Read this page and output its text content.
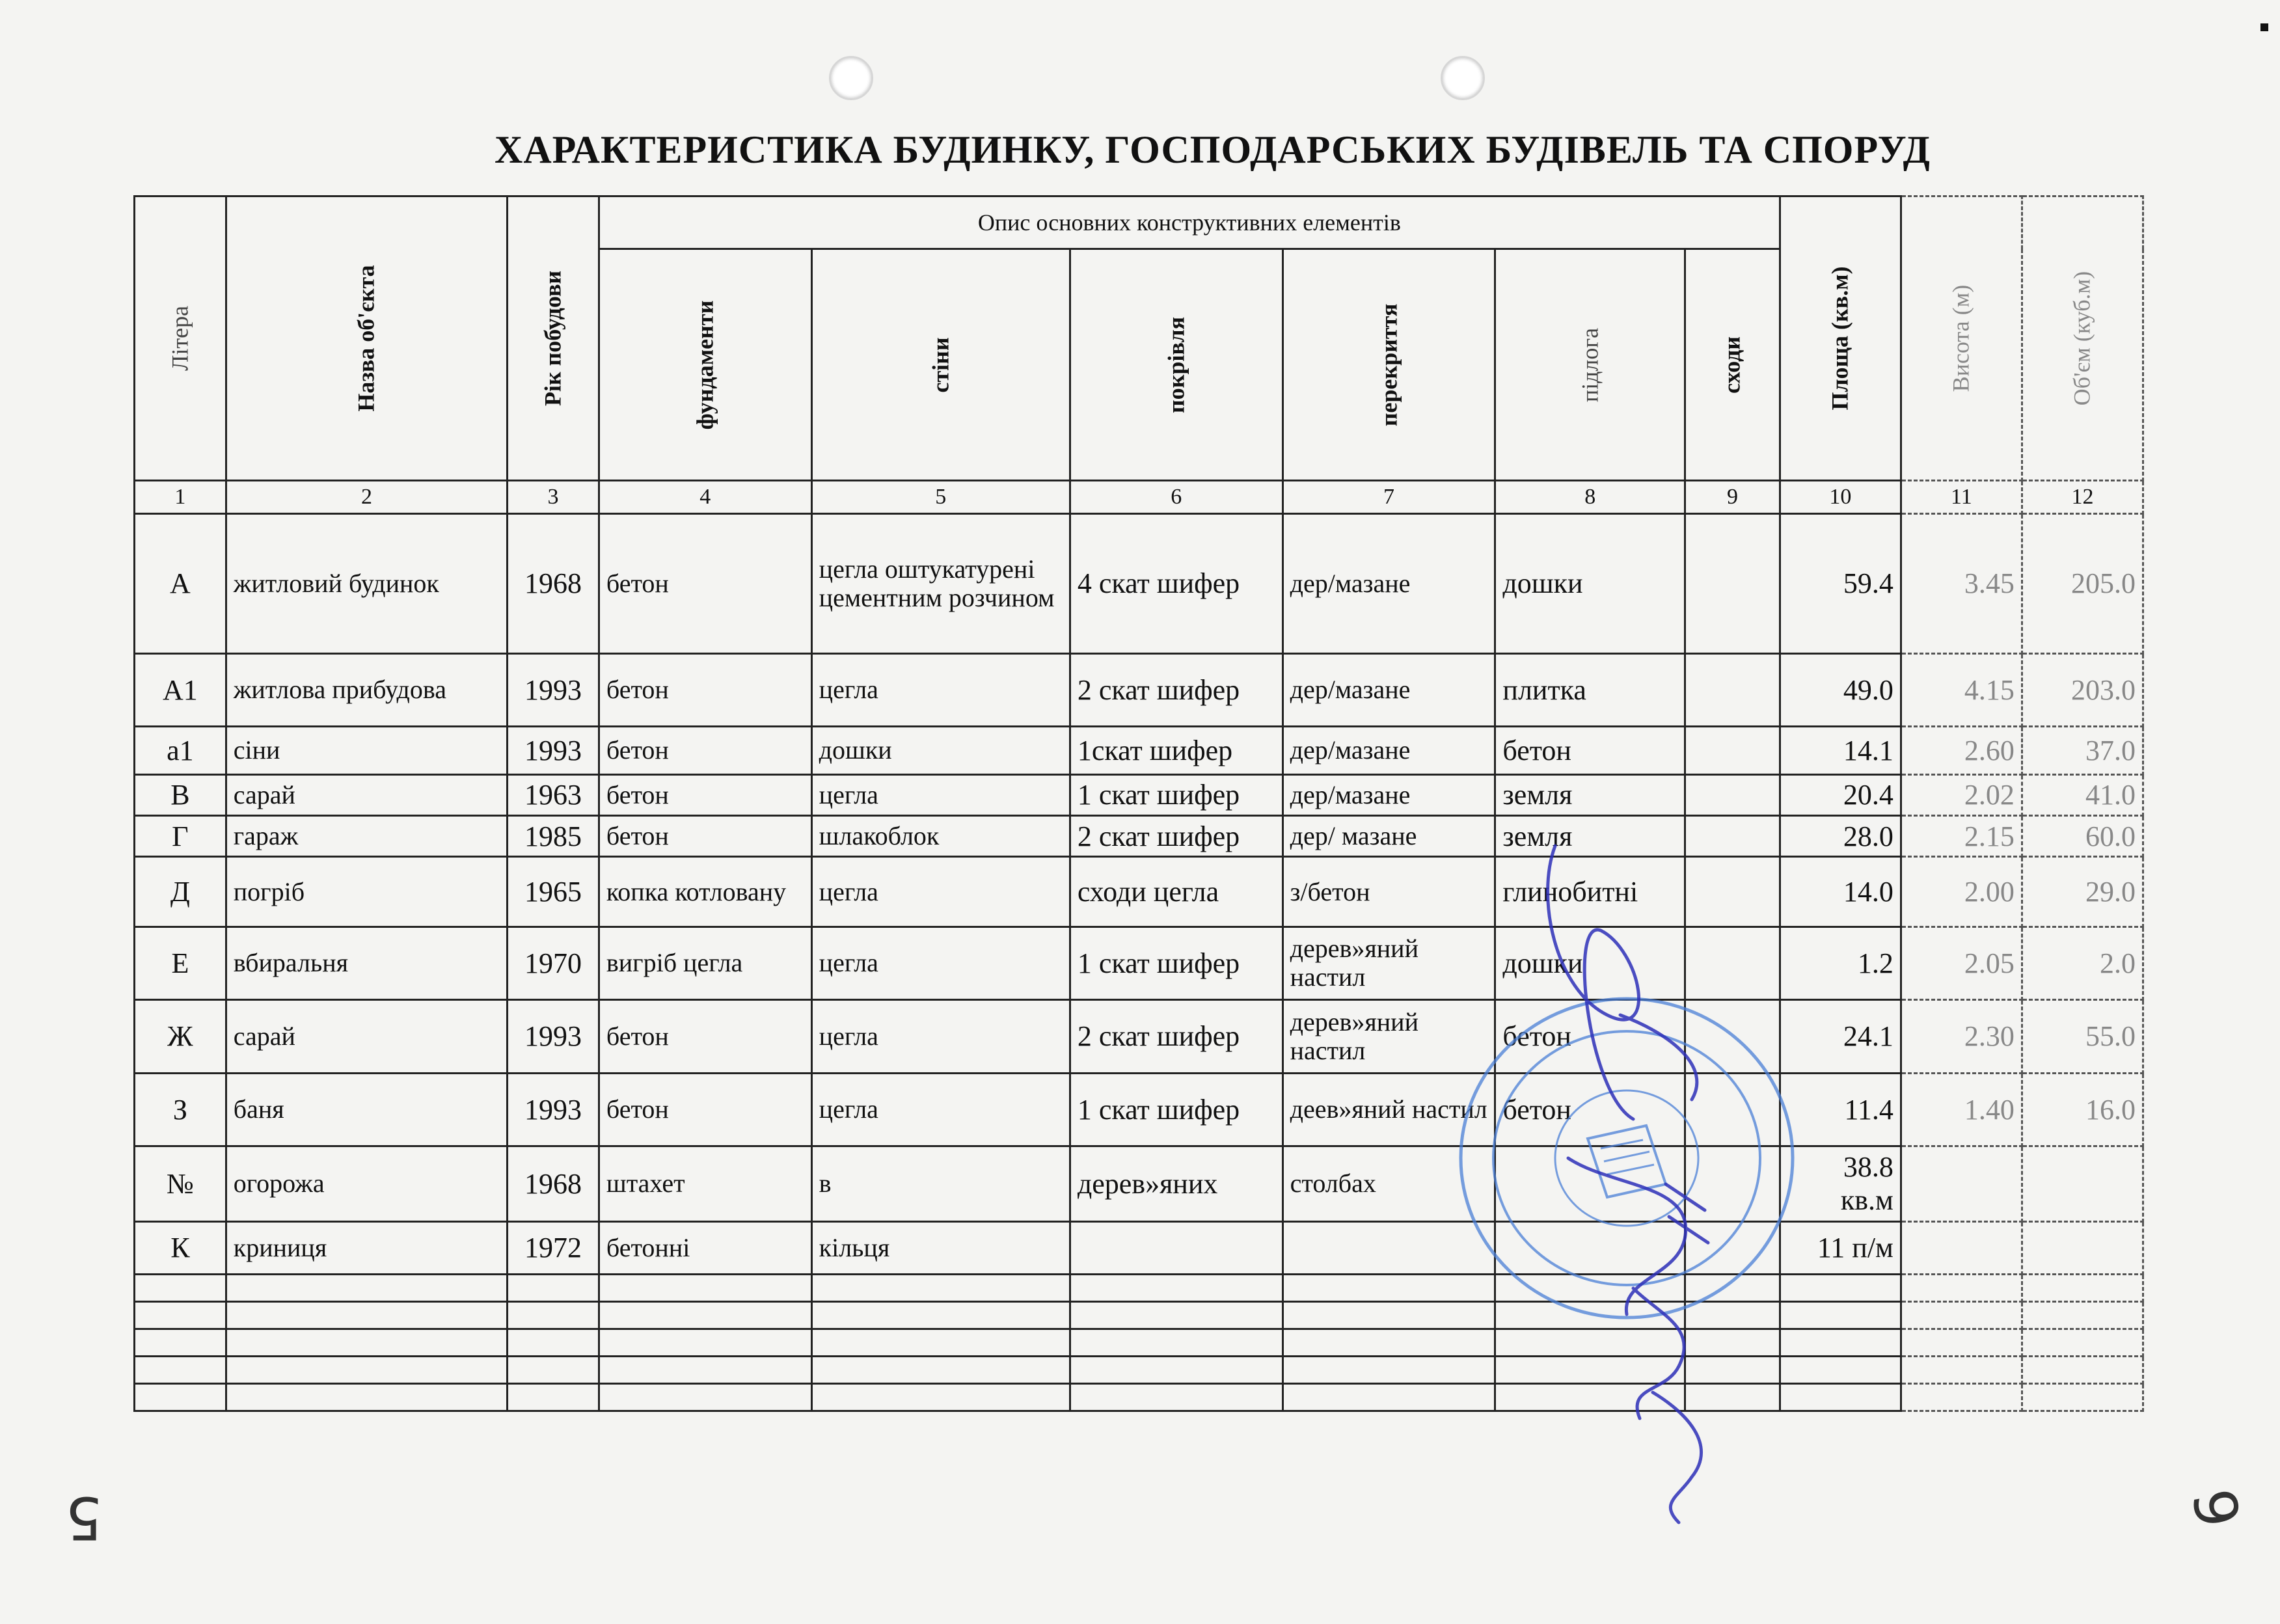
ХАРАКТЕРИСТИКА БУДИНКУ, ГОСПОДАРСЬКИХ БУДІВЕЛЬ ТА СПОРУД
Літера	Назва об'єкта	Рік побудови	Опис основних конструктивних елементів						Площа (кв.м)	Висота (м)	Об'єм (куб.м)

			фундаменти	стіни	покрівля	перекриття	підлога	сходи			

1	2	3	4	5	6	7	8	9	10	11	12
А	житловий будинок	1968	бетон	цегла оштукатурені цементним розчином	4 скат шифер	дер/мазане	дошки		59.4	3.45	205.0
А1	житлова прибудова	1993	бетон	цегла	2 скат шифер	дер/мазане	плитка		49.0	4.15	203.0
а1	сіни	1993	бетон	дошки	1скат шифер	дер/мазане	бетон		14.1	2.60	37.0
В	сарай	1963	бетон	цегла	1 скат шифер	дер/мазане	земля		20.4	2.02	41.0
Г	гараж	1985	бетон	шлакоблок	2 скат шифер	дер/ мазане	земля		28.0	2.15	60.0
Д	погріб	1965	копка котловану	цегла	сходи цегла	з/бетон	глинобитні		14.0	2.00	29.0
Е	вбиральня	1970	вигріб цегла	цегла	1 скат шифер	дерев»яний настил	дошки		1.2	2.05	2.0
Ж	сарай	1993	бетон	цегла	2 скат шифер	дерев»яний настил	бетон		24.1	2.30	55.0
З	баня	1993	бетон	цегла	1 скат шифер	деев»яний настил	бетон		11.4	1.40	16.0
№	огорожа	1968	штахет	в	дерев»яних	столбах			38.8 кв.м		
К	криниця	1972	бетонні	кільця					11 п/м		

5	6
